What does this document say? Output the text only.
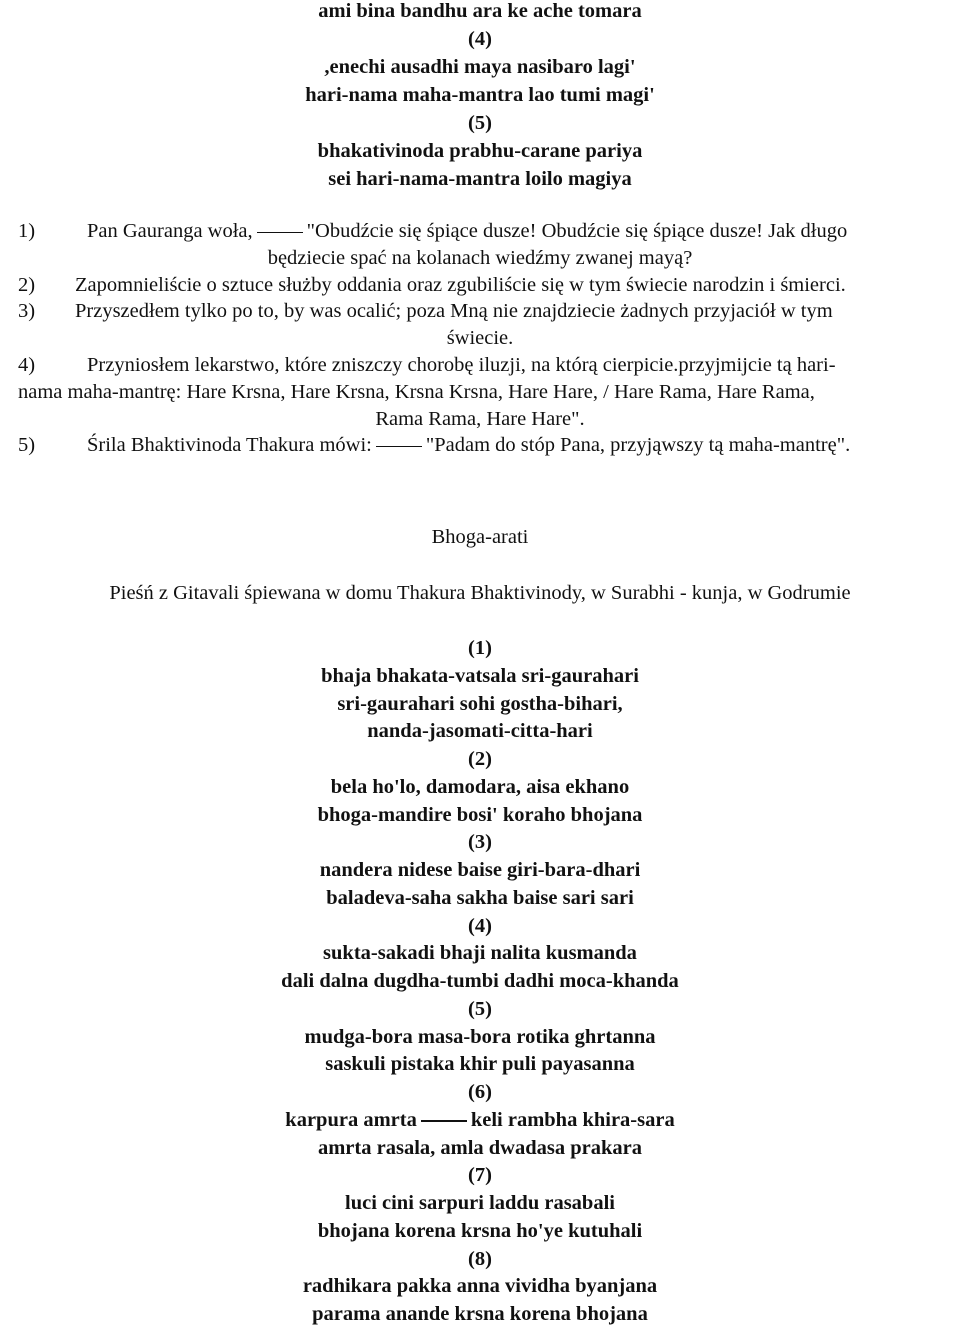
ami bina bandhu ara ke ache tomara
(4)
,enechi ausadhi maya nasibaro lagi'
hari-nama maha-mantra lao tumi magi'
(5)
bhakativinoda prabhu-carane pariya
sei hari-nama-mantra loilo magiya
1)	Pan Gauranga woła,	"Obudźcie się śpiące dusze! Obudźcie się śpiące dusze! Jak długo
będziecie spać na kolanach wiedźmy zwanej mayą?
2) Zapomnieliście o sztuce służby oddania oraz zgubiliście się w tym świecie narodzin i śmierci.
3) Przyszedłem tylko po to, by was ocalić; poza Mną nie znajdziecie żadnych przyjaciół w tym
świecie.
4)	Przyniosłem lekarstwo, które zniszczy chorobę iluzji, na którą cierpicie.przyjmijcie tą hari-
nama maha-mantrę: Hare Krsna, Hare Krsna, Krsna Krsna, Hare Hare, / Hare Rama, Hare Rama,
Rama Rama, Hare Hare".
5)	Śrila Bhaktivinoda Thakura mówi:	"Padam do stóp Pana, przyjąwszy tą maha-mantrę".
Bhoga-arati
Pieśń z Gitavali śpiewana w domu Thakura Bhaktivinody, w Surabhi - kunja, w Godrumie
(1)
bhaja bhakata-vatsala sri-gaurahari
sri-gaurahari sohi gostha-bihari,
nanda-jasomati-citta-hari
(2)
bela ho'lo, damodara, aisa ekhano
bhoga-mandire bosi' koraho bhojana
(3)
nandera nidese baise giri-bara-dhari
baladeva-saha sakha baise sari sari
(4)
sukta-sakadi bhaji nalita kusmanda
dali dalna dugdha-tumbi dadhi moca-khanda
(5)
mudga-bora masa-bora rotika ghrtanna
saskuli pistaka khir puli payasanna
(6)
karpura amrta	keli rambha khira-sara
amrta rasala, amla dwadasa prakara
(7)
luci cini sarpuri laddu rasabali
bhojana korena krsna ho'ye kutuhali
(8)
radhikara pakka anna vividha byanjana
parama anande krsna korena bhojana
